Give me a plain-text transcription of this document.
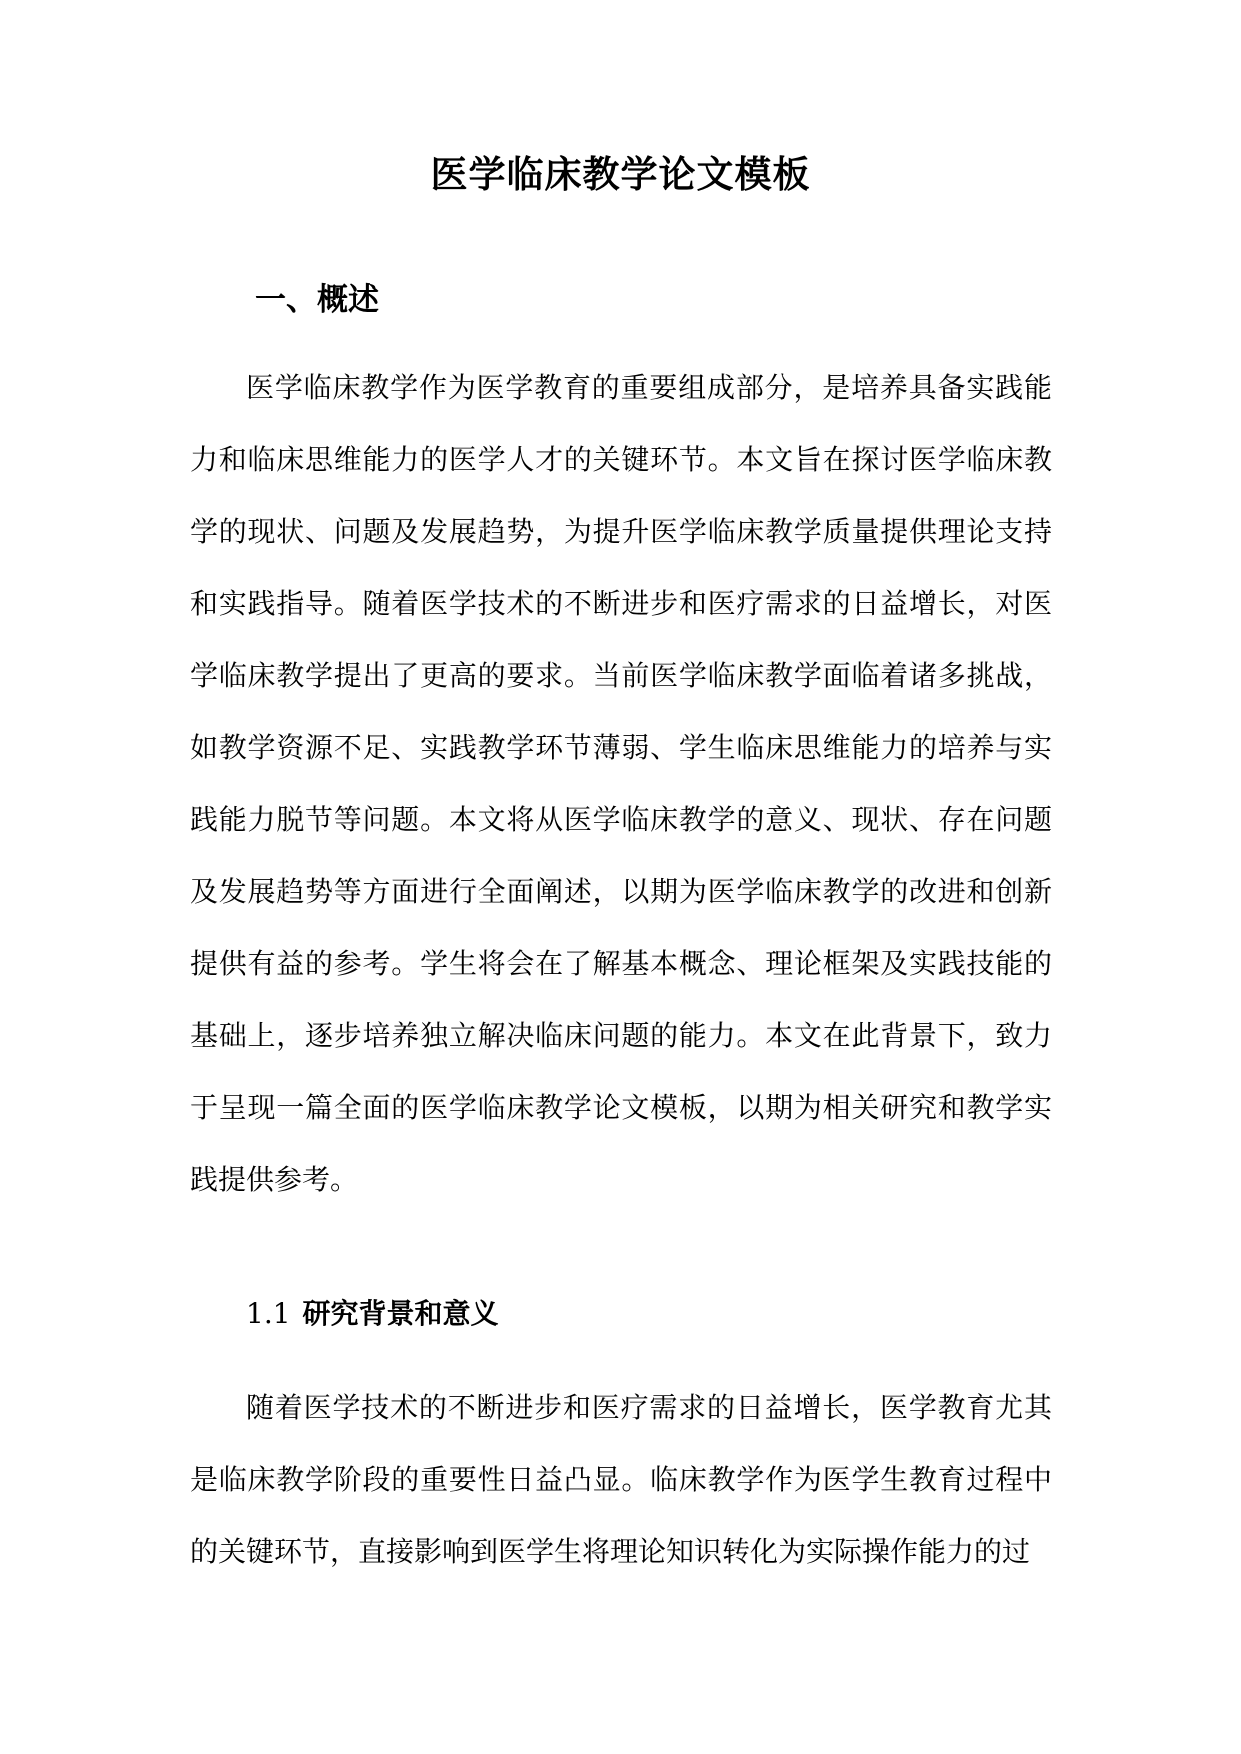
医学临床教学论文模板
一、概述

医学临床教学作为医学教育的重要组成部分，是培养具备实践能力和临床思维能力的医学人才的关键环节。本文旨在探讨医学临床教学的现状、问题及发展趋势，为提升医学临床教学质量提供理论支持和实践指导。随着医学技术的不断进步和医疗需求的日益增长，对医学临床教学提出了更高的要求。当前医学临床教学面临着诸多挑战，如教学资源不足、实践教学环节薄弱、学生临床思维能力的培养与实践能力脱节等问题。本文将从医学临床教学的意义、现状、存在问题及发展趋势等方面进行全面阐述，以期为医学临床教学的改进和创新提供有益的参考。学生将会在了解基本概念、理论框架及实践技能的基础上，逐步培养独立解决临床问题的能力。本文在此背景下，致力于呈现一篇全面的医学临床教学论文模板，以期为相关研究和教学实践提供参考。

1.1 研究背景和意义

随着医学技术的不断进步和医疗需求的日益增长，医学教育尤其是临床教学阶段的重要性日益凸显。临床教学作为医学生教育过程中的关键环节，直接影响到医学生将理论知识转化为实际操作能力的过
